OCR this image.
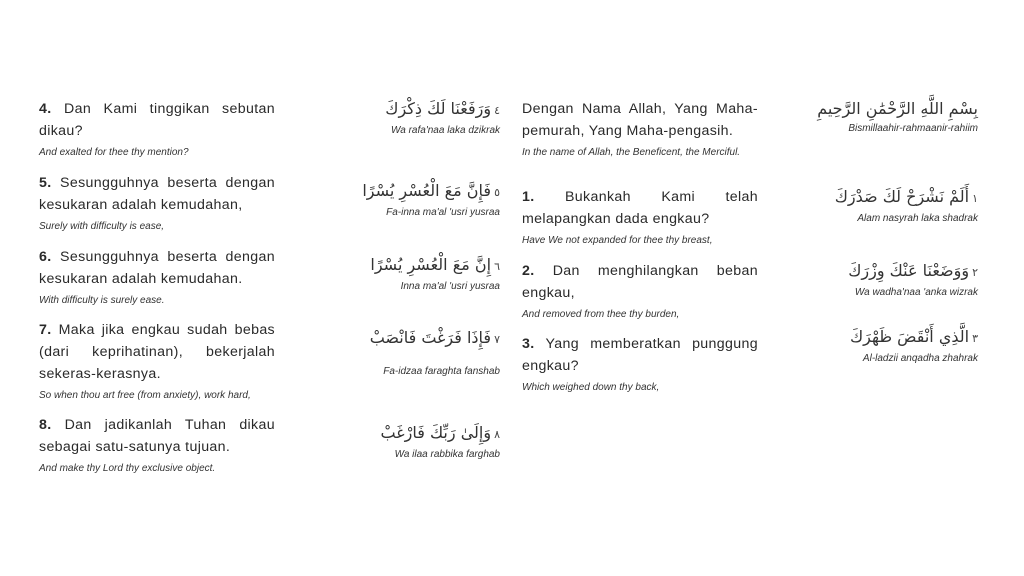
4. Dan Kami tinggikan sebutan dikau?
And exalted for thee thy mention?
5. Sesungguhnya beserta dengan kesukaran adalah kemudahan,
Surely with difficulty is ease,
6. Sesungguhnya beserta dengan kesukaran adalah kemudahan.
With difficulty is surely ease.
7. Maka jika engkau sudah bebas (dari keprihatinan), bekerjalah sekeras-kerasnya.
So when thou art free (from anxiety), work hard,
8. Dan jadikanlah Tuhan dikau sebagai satu-satunya tujuan.
And make thy Lord thy exclusive object.
٤وَرَفَعْنَا لَكَ ذِكْرَكَ
Wa rafa'naa laka dzikrak
٥فَإِنَّ مَعَ الْعُسْرِ يُسْرًا
Fa-inna ma'al 'usri yusraa
٦إِنَّ مَعَ الْعُسْرِ يُسْرًا
Inna ma'al 'usri yusraa
٧فَإِذَا فَرَغْتَ فَانْصَبْ
Fa-idzaa faraghta fanshab
٨وَإِلَىٰ رَبِّكَ فَارْغَبْ
Wa ilaa rabbika farghab
Dengan Nama Allah, Yang Maha-pemurah, Yang Maha-pengasih.
In the name of Allah, the Beneficent, the Merciful.
1. Bukankah Kami telah melapangkan dada engkau?
Have We not expanded for thee thy breast,
2. Dan menghilangkan beban engkau,
And removed from thee thy burden,
3. Yang memberatkan punggung engkau?
Which weighed down thy back,
بِسْمِ اللَّهِ الرَّحْمَٰنِ الرَّحِيمِ
Bismillaahir-rahmaanir-rahiim
١أَلَمْ نَشْرَحْ لَكَ صَدْرَكَ
Alam nasyrah laka shadrak
٢وَوَضَعْنَا عَنْكَ وِزْرَكَ
Wa wadha'naa 'anka wizrak
٣الَّذِي أَنْقَضَ ظَهْرَكَ
Al-ladzii anqadha zhahrak
